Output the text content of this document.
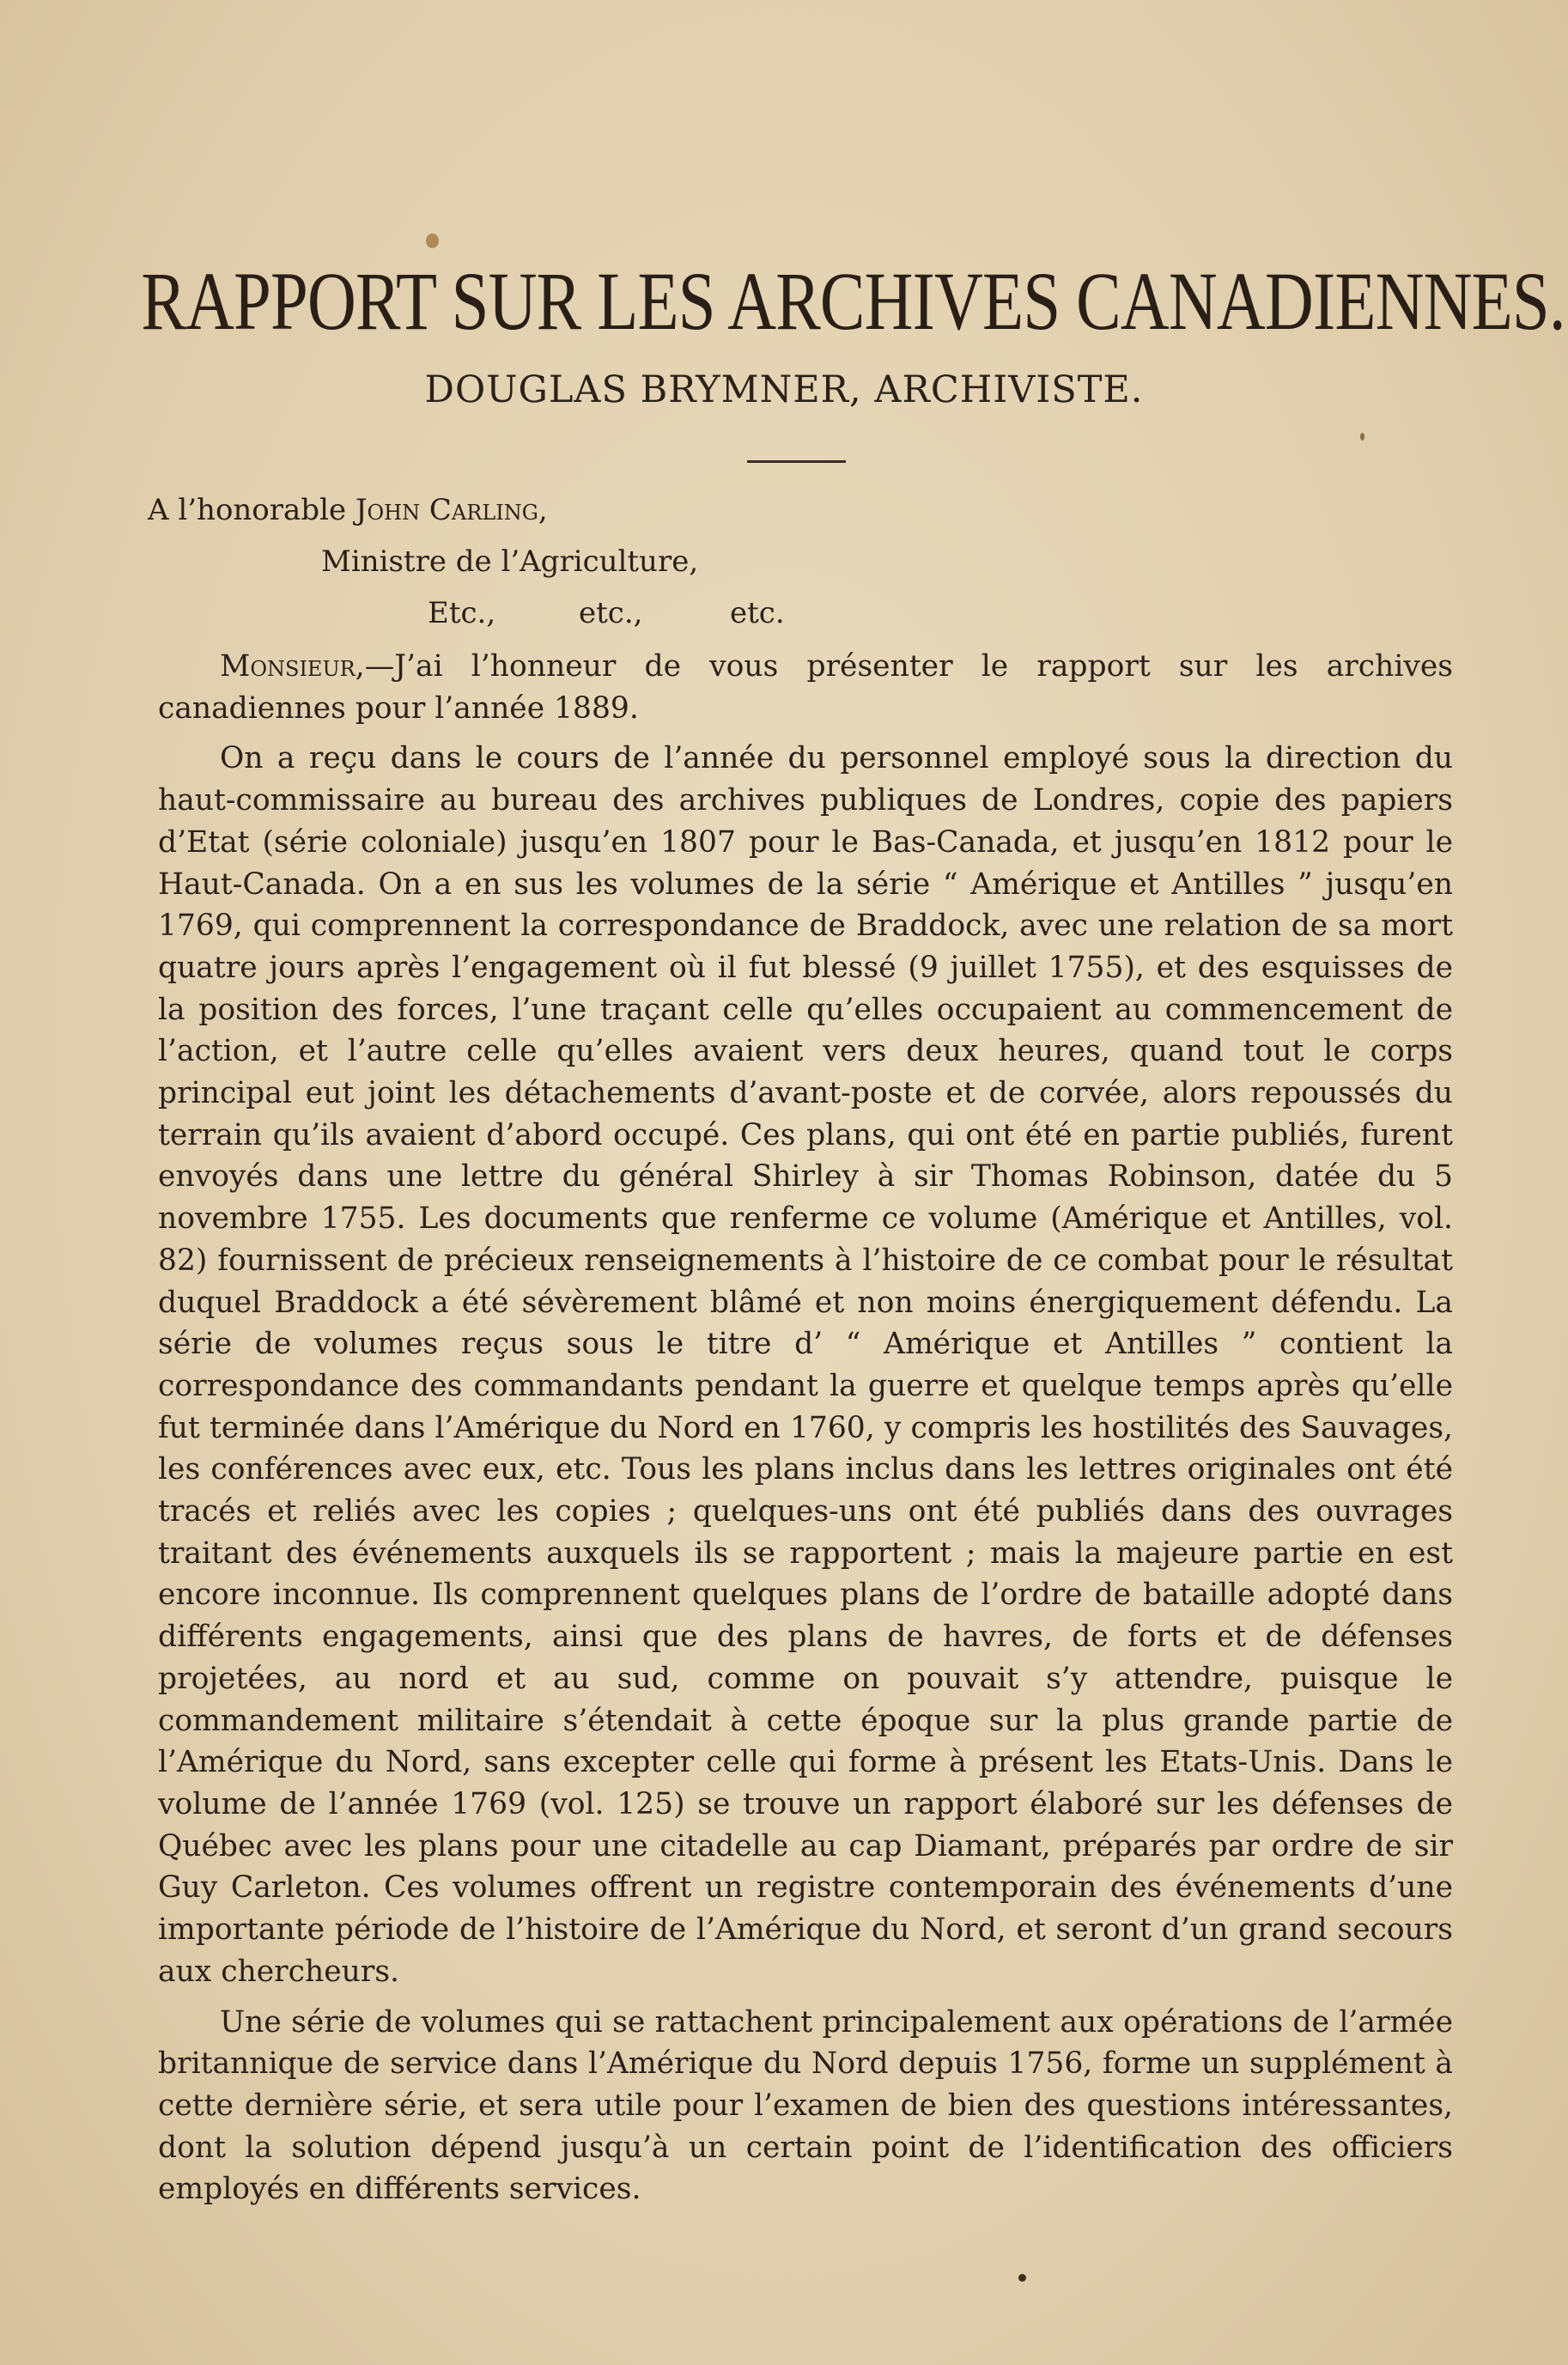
RAPPORT SUR LES ARCHIVES CANADIENNES.
DOUGLAS BRYMNER, ARCHIVISTE.
A l’honorable John Carling,
Ministre de l’Agriculture,
Etc.,	etc.,	etc.

Monsieur,—J’ai l’honneur de vous présenter le rapport sur les archives canadiennes pour l’année 1889.

On a reçu dans le cours de l’année du personnel employé sous la direction du haut-commissaire au bureau des archives publiques de Londres, copie des papiers d’Etat (série coloniale) jusqu’en 1807 pour le Bas-Canada, et jusqu’en 1812 pour le Haut-Canada. On a en sus les volumes de la série “ Amérique et Antilles ” jusqu’en 1769, qui comprennent la correspondance de Braddock, avec une relation de sa mort quatre jours après l’engagement où il fut blessé (9 juillet 1755), et des esquisses de la position des forces, l’une traçant celle qu’elles occupaient au commencement de l’action, et l’autre celle qu’elles avaient vers deux heures, quand tout le corps principal eut joint les détachements d’avant-poste et de corvée, alors repoussés du terrain qu’ils avaient d’abord occupé. Ces plans, qui ont été en partie publiés, furent envoyés dans une lettre du général Shirley à sir Thomas Robinson, datée du 5 novembre 1755. Les documents que renferme ce volume (Amérique et Antilles, vol. 82) fournissent de précieux renseignements à l’histoire de ce combat pour le résultat duquel Braddock a été sévèrement blâmé et non moins énergiquement défendu. La série de volumes reçus sous le titre d’ “ Amérique et Antilles ” contient la correspondance des commandants pendant la guerre et quelque temps après qu’elle fut terminée dans l’Amérique du Nord en 1760, y compris les hostilités des Sauvages, les conférences avec eux, etc. Tous les plans inclus dans les lettres originales ont été tracés et reliés avec les copies ; quelques-uns ont été publiés dans des ouvrages traitant des événements auxquels ils se rapportent ; mais la majeure partie en est encore inconnue. Ils comprennent quelques plans de l’ordre de bataille adopté dans différents engagements, ainsi que des plans de havres, de forts et de défenses projetées, au nord et au sud, comme on pouvait s’y attendre, puisque le commandement militaire s’étendait à cette époque sur la plus grande partie de l’Amérique du Nord, sans excepter celle qui forme à présent les Etats-Unis. Dans le volume de l’année 1769 (vol. 125) se trouve un rapport élaboré sur les défenses de Québec avec les plans pour une citadelle au cap Diamant, préparés par ordre de sir Guy Carleton. Ces volumes offrent un registre contemporain des événements d’une importante période de l’histoire de l’Amérique du Nord, et seront d’un grand secours aux chercheurs.

Une série de volumes qui se rattachent principalement aux opérations de l’armée britannique de service dans l’Amérique du Nord depuis 1756, forme un supplément à cette dernière série, et sera utile pour l’examen de bien des questions intéressantes, dont la solution dépend jusqu’à un certain point de l’identification des officiers employés en différents services.
